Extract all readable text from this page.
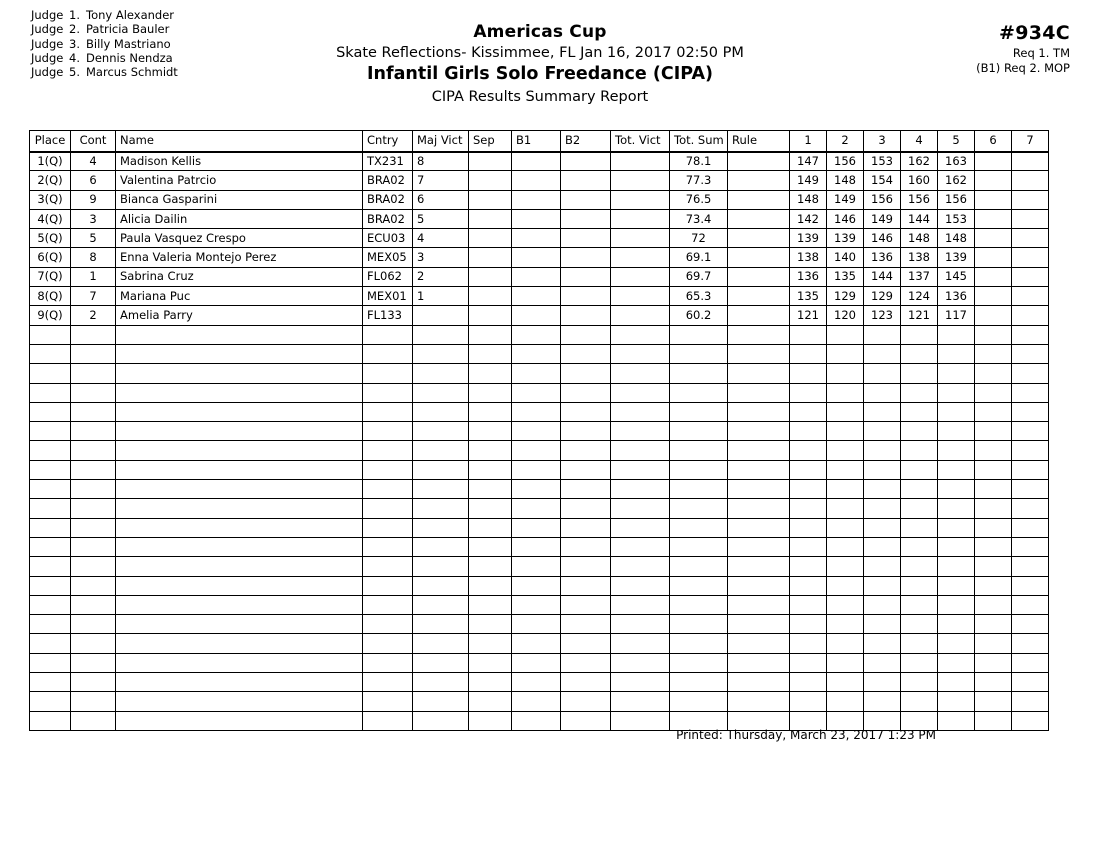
Judge 1. Tony Alexander
Judge 2. Patricia Bauler
Judge 3. Billy Mastriano
Judge 4. Dennis Nendza
Judge 5. Marcus Schmidt
Americas Cup
Skate Reflections- Kissimmee, FL Jan 16, 2017 02:50 PM
Infantil Girls Solo Freedance (CIPA)
CIPA Results Summary Report
#934C
Req 1. TM
(B1) Req 2. MOP
Place	Cont	Name	Cntry	Maj Vict	Sep	B1	B2	Tot. Vict	Tot. Sum	Rule	1	2	3	4	5	6	7
1(Q)	4	Madison Kellis	TX231	8					78.1		147	156	153	162	163		
2(Q)	6	Valentina Patrcio	BRA02	7					77.3		149	148	154	160	162		
3(Q)	9	Bianca Gasparini	BRA02	6					76.5		148	149	156	156	156		
4(Q)	3	Alicia Dailin	BRA02	5					73.4		142	146	149	144	153		
5(Q)	5	Paula Vasquez Crespo	ECU03	4					72		139	139	146	148	148		
6(Q)	8	Enna Valeria Montejo Perez	MEX05	3					69.1		138	140	136	138	139		
7(Q)	1	Sabrina Cruz	FL062	2					69.7		136	135	144	137	145		
8(Q)	7	Mariana Puc	MEX01	1					65.3		135	129	129	124	136		
9(Q)	2	Amelia Parry	FL133						60.2		121	120	123	121	117		

Printed: Thursday, March 23, 2017 1:23 PM
